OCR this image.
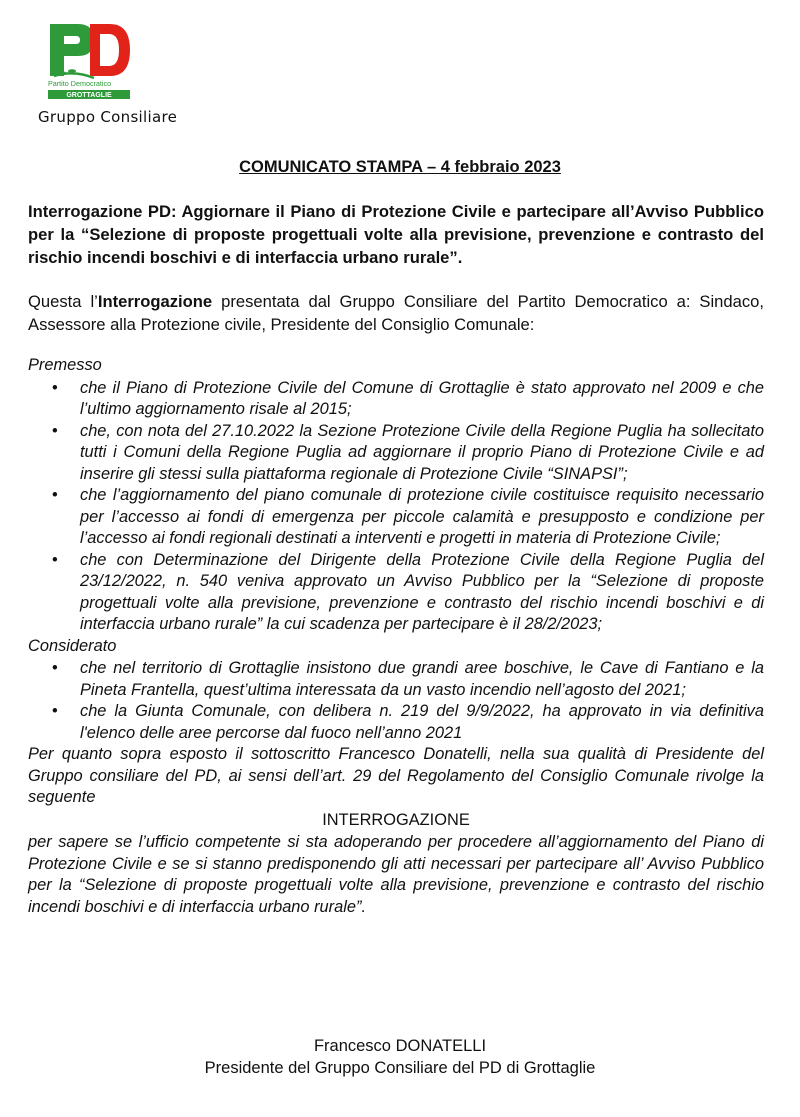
Partito Democratico
GROTTAGLIE
Gruppo Consiliare
COMUNICATO STAMPA – 4 febbraio 2023
Interrogazione PD: Aggiornare il Piano di Protezione Civile e partecipare all’Avviso Pubblico per la “Selezione di proposte progettuali volte alla previsione, prevenzione e contrasto del rischio incendi boschivi e di interfaccia urbano rurale”.
Questa l’Interrogazione presentata dal Gruppo Consiliare del Partito Democratico a: Sindaco, Assessore alla Protezione civile, Presidente del Consiglio Comunale:

Premesso

• che il Piano di Protezione Civile del Comune di Grottaglie è stato approvato nel 2009 e che l’ultimo aggiornamento risale al 2015;
• che, con nota del 27.10.2022 la Sezione Protezione Civile della Regione Puglia ha sollecitato tutti i Comuni della Regione Puglia ad aggiornare il proprio Piano di Protezione Civile e ad inserire gli stessi sulla piattaforma regionale di Protezione Civile “SINAPSI”;
• che l’aggiornamento del piano comunale di protezione civile costituisce requisito necessario per l’accesso ai fondi di emergenza per piccole calamità e presupposto e condizione per l’accesso ai fondi regionali destinati a interventi e progetti in materia di Protezione Civile;
• che con Determinazione del Dirigente della Protezione Civile della Regione Puglia del 23/12/2022, n. 540 veniva approvato un Avviso Pubblico per la “Selezione di proposte progettuali volte alla previsione, prevenzione e contrasto del rischio incendi boschivi e di interfaccia urbano rurale” la cui scadenza per partecipare è il 28/2/2023;

Considerato

• che nel territorio di Grottaglie insistono due grandi aree boschive, le Cave di Fantiano e la Pineta Frantella, quest’ultima interessata da un vasto incendio nell’agosto del 2021;
• che la Giunta Comunale, con delibera n. 219 del 9/9/2022, ha approvato in via definitiva l'elenco delle aree percorse dal fuoco nell’anno 2021

Per quanto sopra esposto il sottoscritto Francesco Donatelli, nella sua qualità di Presidente del Gruppo consiliare del PD, ai sensi dell’art. 29 del Regolamento del Consiglio Comunale rivolge la seguente

INTERROGAZIONE

per sapere se l’ufficio competente si sta adoperando per procedere all’aggiornamento del Piano di Protezione Civile e se si stanno predisponendo gli atti necessari per partecipare all’ Avviso Pubblico per la “Selezione di proposte progettuali volte alla previsione, prevenzione e contrasto del rischio incendi boschivi e di interfaccia urbano rurale”.

Francesco DONATELLI
Presidente del Gruppo Consiliare del PD di Grottaglie
